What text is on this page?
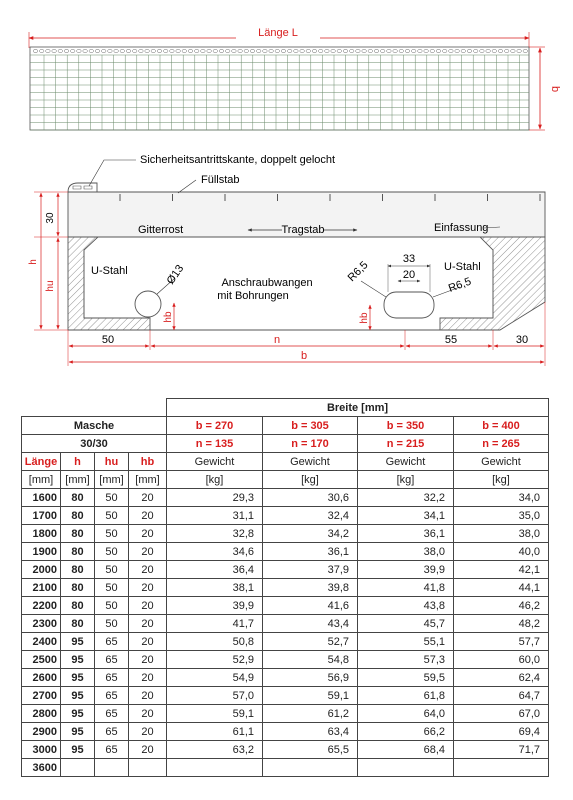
Länge L
b
33
20
Sicherheitsantrittskante, doppelt gelocht
Füllstab
Gitterrost	Tragstab	Einfassung
U-Stahl	U-Stahl
Anschraubwangen
mit Bohrungen
Ø13	R6,5
R6,5
hb	hb
30
hu
h
50	n	55	30
b
				Breite [mm]			
Masche				b = 270	b = 305	b = 350	b = 400
30/30				n = 135	n = 170	n = 215	n = 265
Länge	h	hu	hb	Gewicht	Gewicht	Gewicht	Gewicht
[mm]	[mm]	[mm]	[mm]	[kg]	[kg]	[kg]	[kg]
1600	80	50	20	29,3	30,6	32,2	34,0
1700	80	50	20	31,1	32,4	34,1	35,0
1800	80	50	20	32,8	34,2	36,1	38,0
1900	80	50	20	34,6	36,1	38,0	40,0
2000	80	50	20	36,4	37,9	39,9	42,1
2100	80	50	20	38,1	39,8	41,8	44,1
2200	80	50	20	39,9	41,6	43,8	46,2
2300	80	50	20	41,7	43,4	45,7	48,2
2400	95	65	20	50,8	52,7	55,1	57,7
2500	95	65	20	52,9	54,8	57,3	60,0
2600	95	65	20	54,9	56,9	59,5	62,4
2700	95	65	20	57,0	59,1	61,8	64,7
2800	95	65	20	59,1	61,2	64,0	67,0
2900	95	65	20	61,1	63,4	66,2	69,4
3000	95	65	20	63,2	65,5	68,4	71,7
3600							
